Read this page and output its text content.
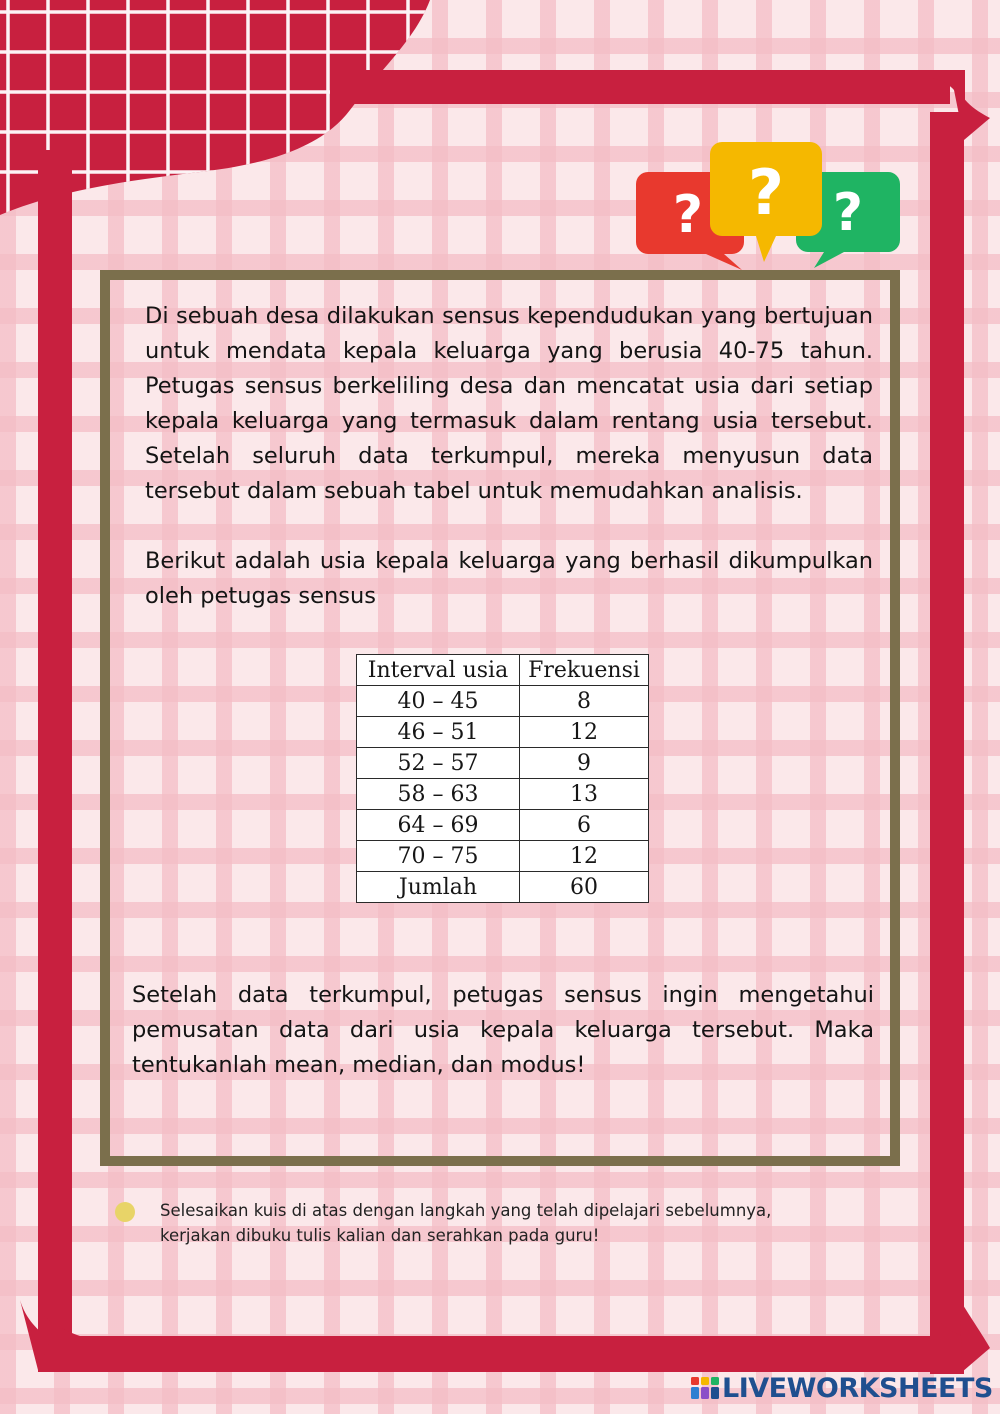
? ?
?

Di sebuah desa dilakukan sensus kependudukan yang bertujuan untuk mendata kepala keluarga yang berusia 40-75 tahun. Petugas sensus berkeliling desa dan mencatat usia dari setiap kepala keluarga yang termasuk dalam rentang usia tersebut. Setelah seluruh data terkumpul, mereka menyusun data tersebut dalam sebuah tabel untuk memudahkan analisis.

Berikut adalah usia kepala keluarga yang berhasil dikumpulkan oleh petugas sensus

Interval usia	Frekuensi
40 – 45	8
46 – 51	12
52 – 57	9
58 – 63	13
64 – 69	6
70 – 75	12
Jumlah	60

Setelah data terkumpul, petugas sensus ingin mengetahui pemusatan data dari usia kepala keluarga tersebut. Maka tentukanlah mean, median, dan modus!

Selesaikan kuis di atas dengan langkah yang telah dipelajari sebelumnya, kerjakan dibuku tulis kalian dan serahkan pada guru!

LIVEWORKSHEETS
